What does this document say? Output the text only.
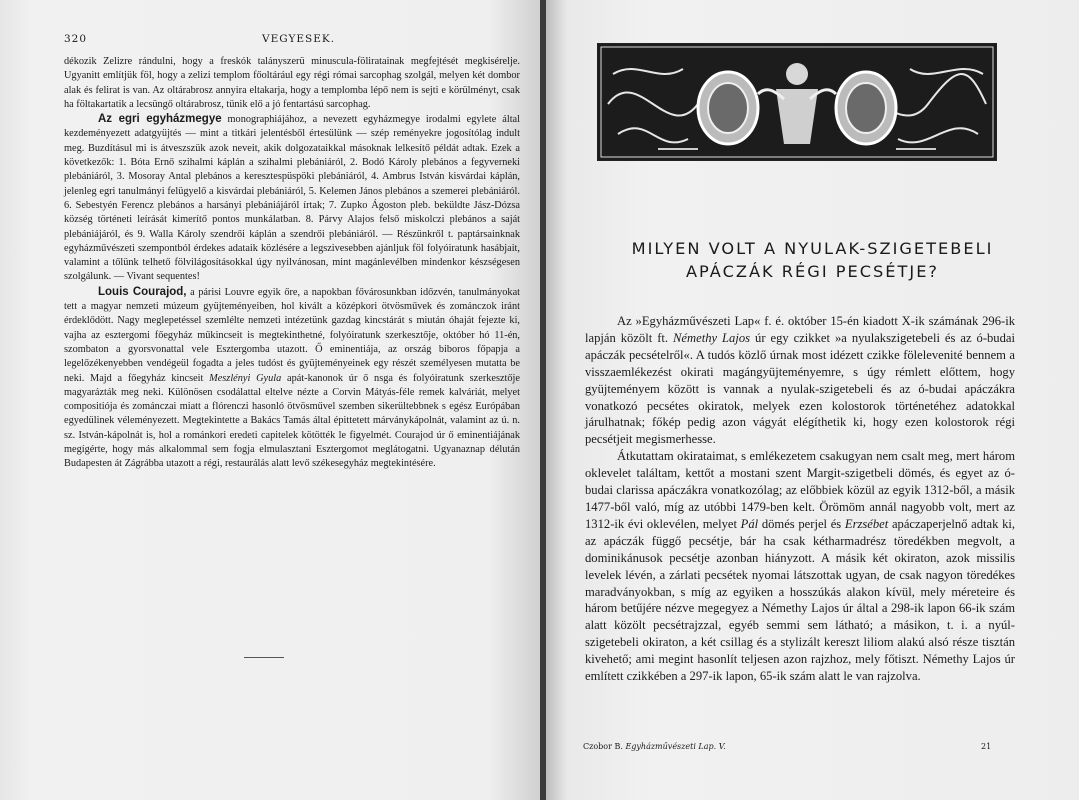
320	VEGYESEK.

dékozik Zelizre rándulni, hogy a freskók talányszerü minuscula-föliratainak megfejtését megkisérelje. Ugyanitt említjük föl, hogy a zelizi templom főoltárául egy régi római sarcophag szolgál, melyen két dombor alak és felirat is van. Az oltárabrosz annyira eltakarja, hogy a templomba lépő nem is sejti e körülményt, csak ha föltakartatik a lecsüngő oltárabrosz, tünik elő a jó fentartású sarcophag.

Az egri egyházmegye monographiájához, a nevezett egyházmegye irodalmi egylete által kezdeményezett adatgyüjtés — mint a titkári jelentésből értesülünk — szép reményekre jogosítólag indult meg. Buzdításul mi is átveszszük azok neveit, akik dolgozataikkal másoknak lelkesítő példát adtak. Ezek a következők: 1. Bóta Ernő szihalmi káplán a szihalmi plebániáról, 2. Bodó Károly plebános a fegyverneki plebániáról, 3. Mosoray Antal plebános a keresztespüspöki plebániáról, 4. Ambrus István kisvárdai káplán, jelenleg egri tanulmányi felügyelő a kisvárdai plebániáról, 5. Kelemen János plebános a szemerei plebániáról. 6. Sebestyén Ferencz plebános a harsányi plebániájáról írtak; 7. Zupko Ágoston pleb. beküldte Jász-Dózsa község történeti leírását kimerítő pontos munkálatban. 8. Párvy Alajos felső miskolczi plebános a saját plebániájáról, és 9. Walla Károly szendrői káplán a szendrői plebániáról. — Részünkről t. paptársainknak egyházművészeti szempontból érdekes adataik közlésére a legszivesebben ajánljuk föl folyóiratunk hasábjait, valamint a tőlünk telhető fölvilágosításokkal úgy nyilvánosan, mint magánlevélben mindenkor készségesen szolgálunk. — Vivant sequentes!

Louis Courajod, a párisi Louvre egyik őre, a napokban fővárosunkban időzvén, tanulmányokat tett a magyar nemzeti múzeum gyüjteményeiben, hol kivált a középkori ötvösművek és zománczok iránt érdeklődött. Nagy meglepetéssel szemlélte nemzeti intézetünk gazdag kincstárát s miután óhaját fejezte ki, vajha az esztergomi főegyház műkincseit is megtekinthetné, folyóiratunk szerkesztője, október hó 11-én, szombaton a gyorsvonattal vele Esztergomba utazott. Ő eminentiája, az ország biboros főpapja a legelőzékenyebben vendégeül fogadta a jeles tudóst és gyüjteményeinek egy részét személyesen mutatta be neki. Majd a főegyház kincseit Meszlényi Gyula apát-kanonok úr ő nsga és folyóiratunk szerkesztője magyarázták meg neki. Különösen csodálattal eltelve nézte a Corvin Mátyás-féle remek kalváriát, melyet compositiója és zománczai miatt a flórenczi hasonló ötvösművel szemben sikerültebbnek s egész Európában egyedülinek véleményezett. Megtekintette a Bakács Tamás által épittetett márványkápolnát, valamint az ú. n. sz. István-kápolnát is, hol a románkori eredeti capitelek kötötték le figyelmét. Courajod úr ő eminentiájának megígérte, hogy más alkalommal sem fogja elmulasztani Esztergomot meglátogatni. Ugyanaznap délután Budapesten át Zágrábba utazott a régi, restaurálás alatt levő székesegyház megtekintésére.

MILYEN VOLT A NYULAK-SZIGETEBELI
APÁCZÁK RÉGI PECSÉTJE?

Az »Egyházművészeti Lap« f. é. október 15-én kiadott X-ik számának 296-ik lapján közölt ft. Némethy Lajos úr egy czikket »a nyulakszigetebeli és az ó-budai apáczák pecsételről«. A tudós közlő úrnak most idézett czikke fölelevenité bennem a visszaemlékezést okirati magángyüjteményemre, s úgy rémlett előttem, hogy gyüjteményem között is vannak a nyulak-szigetebeli és az ó-budai apáczákra vonatkozó pecsétes okiratok, melyek ezen kolostorok történetéhez adatokkal járulhatnak; főkép pedig azon vágyát elégíthetik ki, hogy ezen kolostorok régi pecsétjeit megismerhesse.

Átkutattam okirataimat, s emlékezetem csakugyan nem csalt meg, mert három oklevelet találtam, kettőt a mostani szent Margit-szigetbeli dömés, és egyet az ó-budai clarissa apáczákra vonatkozólag; az előbbiek közül az egyik 1312-ből, a másik 1477-ből való, míg az utóbbi 1479-ben kelt. Örömöm annál nagyobb volt, mert az 1312-ik évi oklevélen, melyet Pál dömés perjel és Erzsébet apáczaperjelnő adtak ki, az apáczák függő pecsétje, bár ha csak kétharmadrész töredékben megvolt, a dominikánusok pecsétje azonban hiányzott. A másik két okiraton, azok missilis levelek lévén, a zárlati pecsétek nyomai látszottak ugyan, de csak nagyon töredékes maradványokban, s míg az egyiken a hosszúkás alakon kívül, mely méreteire és három betűjére nézve megegyez a Némethy Lajos úr által a 298-ik lapon 66-ik szám alatt közölt pecsétrajzzal, egyéb semmi sem látható; a másikon, t. i. a nyúl-szigetebeli okiraton, a két csillag és a stylizált kereszt liliom alakú alsó része tisztán kivehető; ami megint hasonlít teljesen azon rajzhoz, mely főtiszt. Némethy Lajos úr említett czikkében a 297-ik lapon, 65-ik szám alatt le van rajzolva.

Czobor B. Egyházművészeti Lap. V.	21
